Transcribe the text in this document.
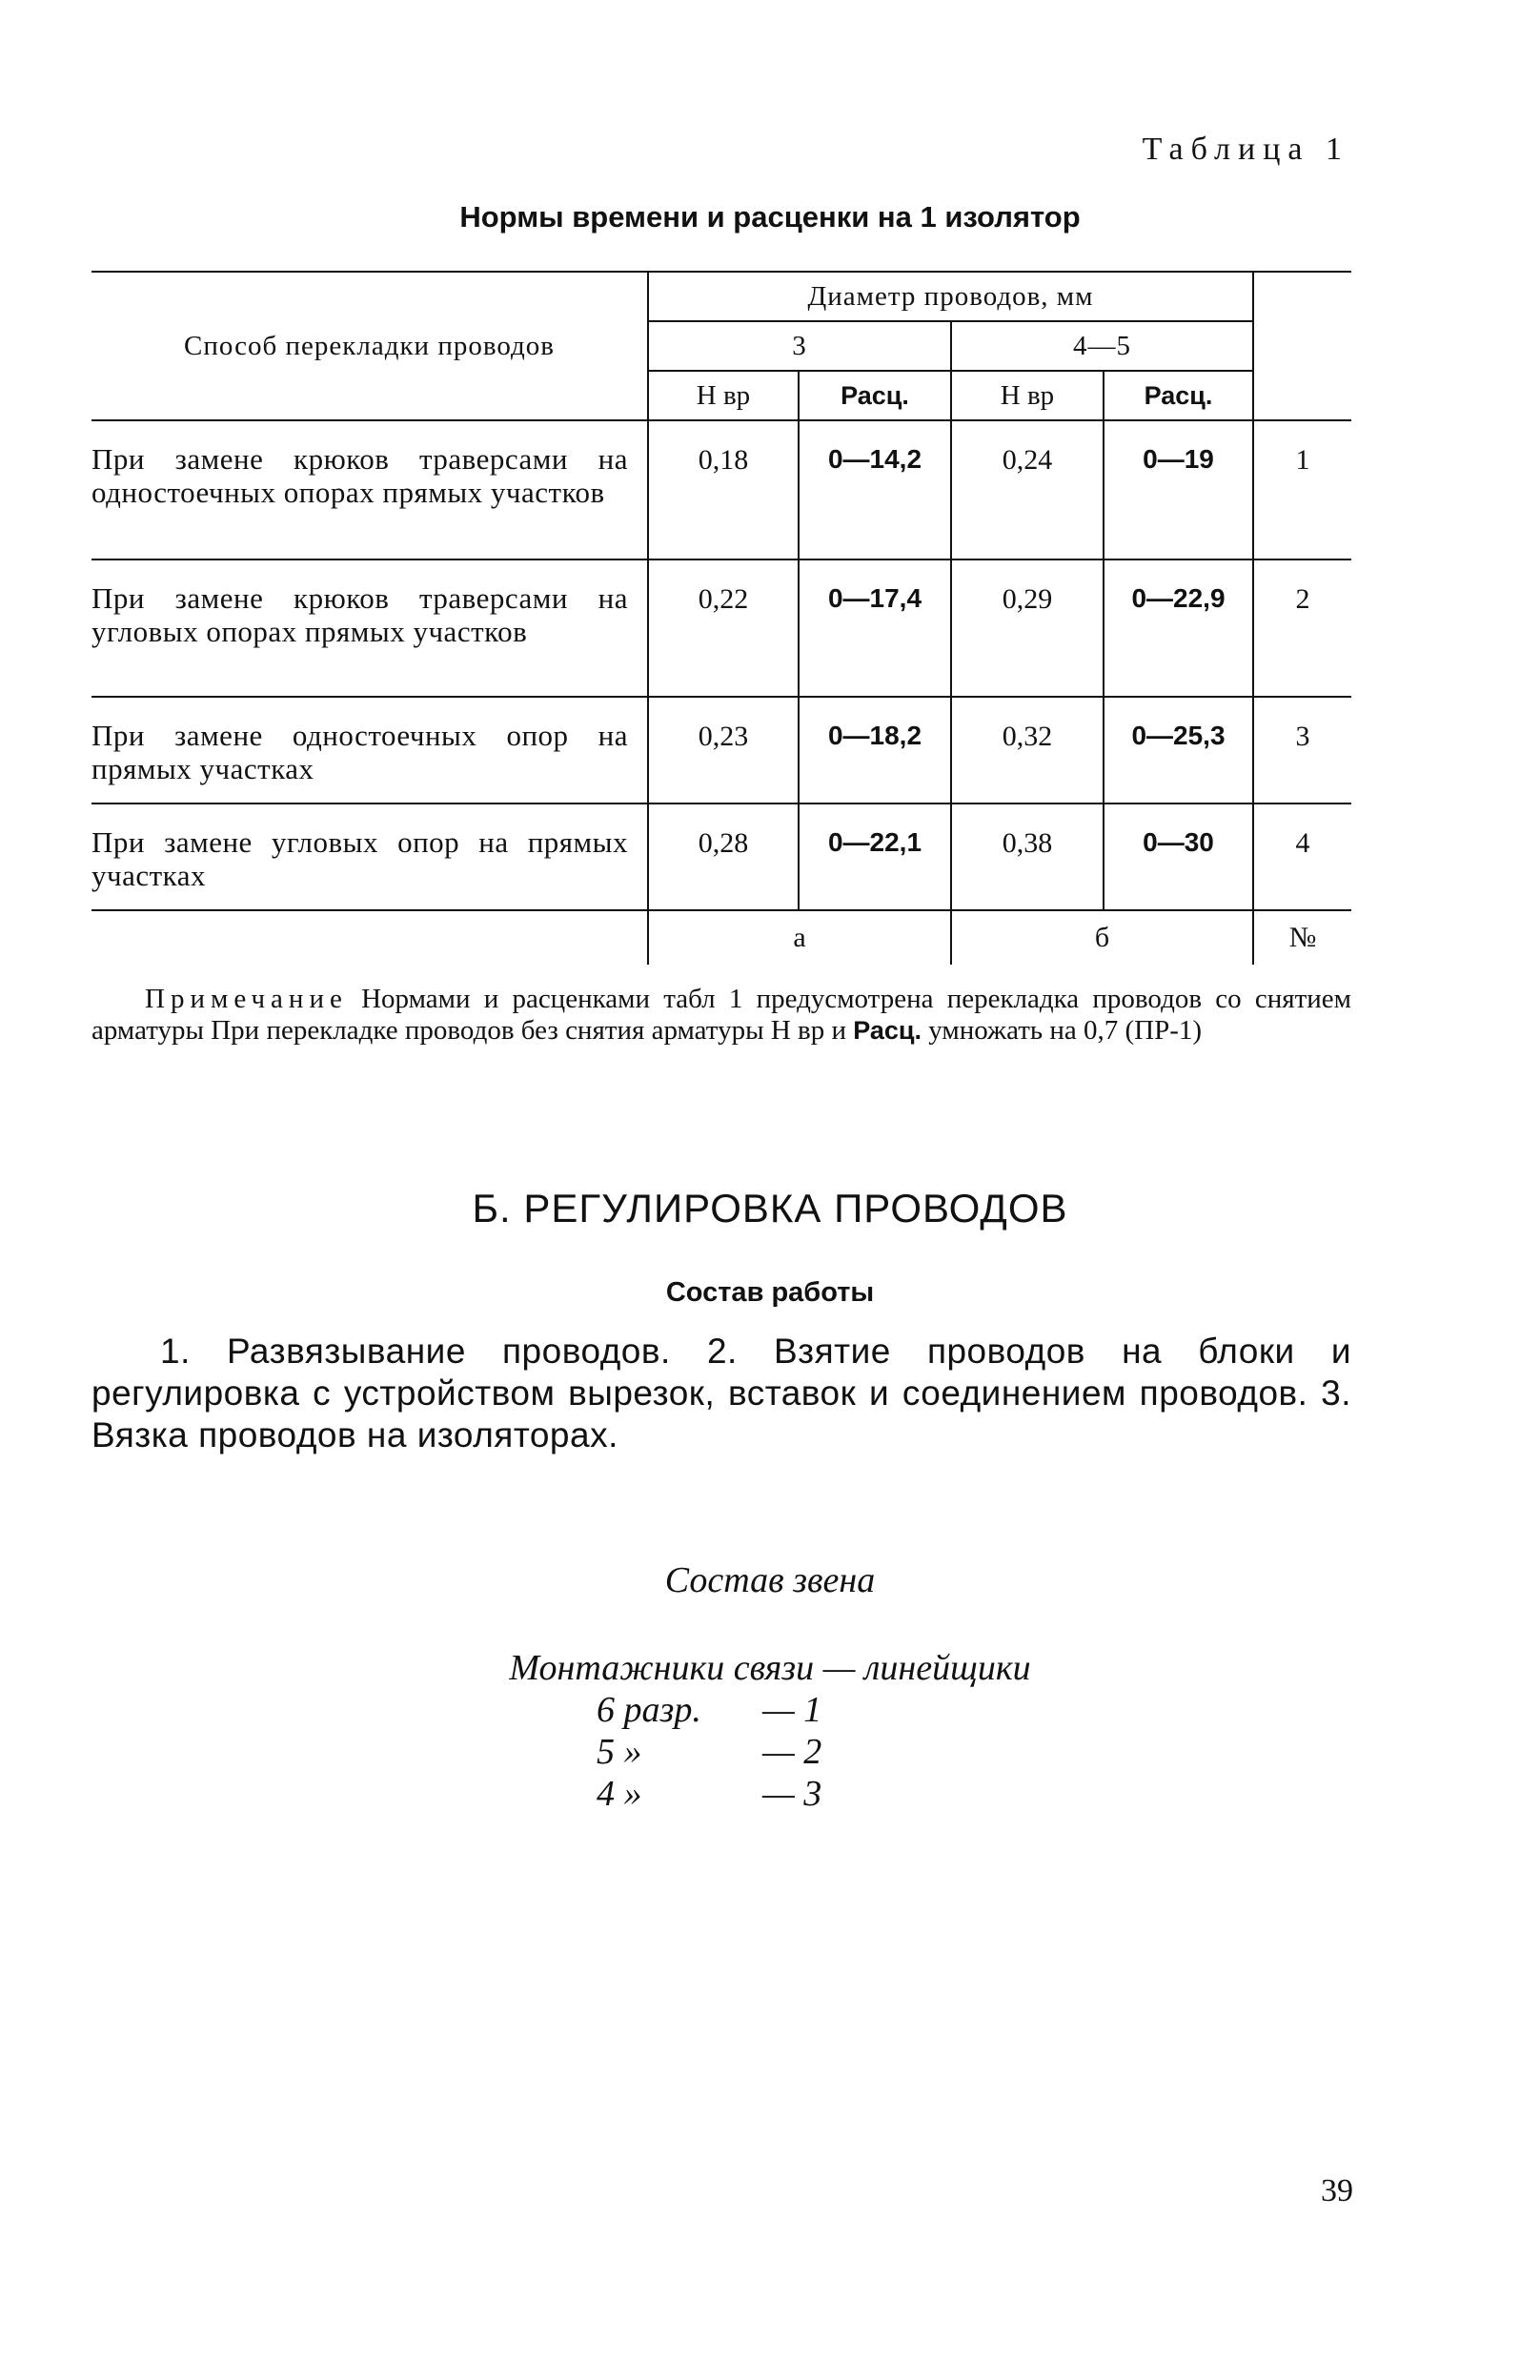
Таблица 1
Нормы времени и расценки на 1 изолятор
Способ перекладки проводов	Диаметр проводов, мм				
	3		4—5		
	Н вр	Расц.	Н вр	Расц.	
При замене крюков траверсами на одностоечных опорах прямых участков	0,18	0—14,2	0,24	0—19	1
При замене крюков траверсами на угловых опорах прямых участков	0,22	0—17,4	0,29	0—22,9	2
При замене одностоечных опор на прямых участках	0,23	0—18,2	0,32	0—25,3	3
При замене угловых опор на прямых участках	0,28	0—22,1	0,38	0—30	4
	а		б		№
Примечание Нормами и расценками табл 1 предусмотрена перекладка проводов со снятием арматуры При перекладке проводов без снятия арматуры Н вр и Расц. умножать на 0,7 (ПР-1)
Б. РЕГУЛИРОВКА ПРОВОДОВ
Состав работы
1. Развязывание проводов. 2. Взятие проводов на блоки и регулировка с устройством вырезок, вставок и соединением проводов. 3. Вязка проводов на изоляторах.
Состав звена
Монтажники связи — линейщики
6 разр.	— 1
5 »	— 2
4 »	— 3
39
